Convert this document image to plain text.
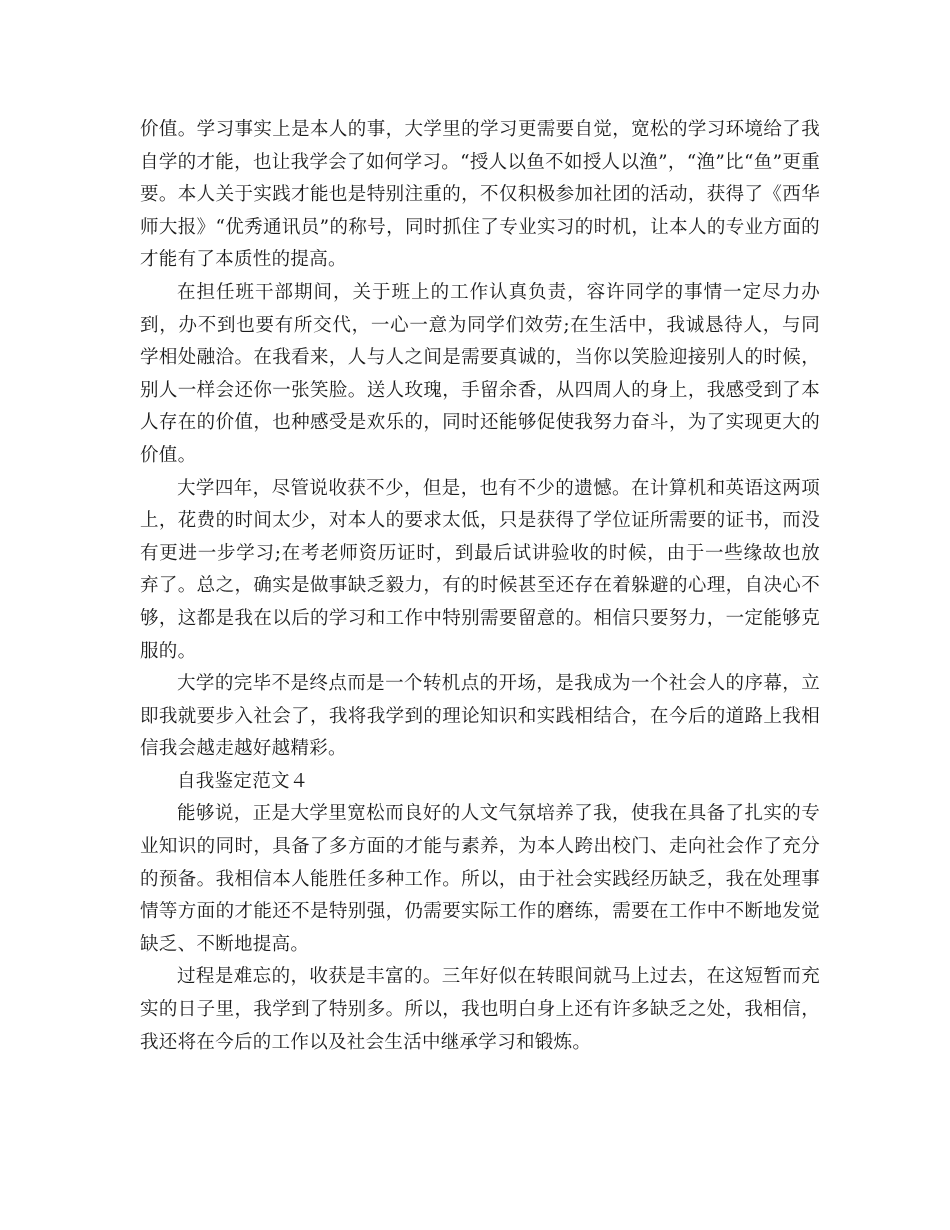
价值。学习事实上是本人的事，大学里的学习更需要自觉，宽松的学习环境给了我自学的才能，也让我学会了如何学习。“授人以鱼不如授人以渔”，“渔”比“鱼”更重要。本人关于实践才能也是特别注重的，不仅积极参加社团的活动，获得了《西华师大报》“优秀通讯员”的称号，同时抓住了专业实习的时机，让本人的专业方面的才能有了本质性的提高。

在担任班干部期间，关于班上的工作认真负责，容许同学的事情一定尽力办到，办不到也要有所交代，一心一意为同学们效劳;在生活中，我诚恳待人，与同学相处融洽。在我看来，人与人之间是需要真诚的，当你以笑脸迎接别人的时候，别人一样会还你一张笑脸。送人玫瑰，手留余香，从四周人的身上，我感受到了本人存在的价值，也种感受是欢乐的，同时还能够促使我努力奋斗，为了实现更大的价值。

大学四年，尽管说收获不少，但是，也有不少的遗憾。在计算机和英语这两项上，花费的时间太少，对本人的要求太低，只是获得了学位证所需要的证书，而没有更进一步学习;在考老师资历证时，到最后试讲验收的时候，由于一些缘故也放弃了。总之，确实是做事缺乏毅力，有的时候甚至还存在着躲避的心理，自决心不够，这都是我在以后的学习和工作中特别需要留意的。相信只要努力，一定能够克服的。

大学的完毕不是终点而是一个转机点的开场，是我成为一个社会人的序幕，立即我就要步入社会了，我将我学到的理论知识和实践相结合，在今后的道路上我相信我会越走越好越精彩。

自我鉴定范文４

能够说，正是大学里宽松而良好的人文气氛培养了我，使我在具备了扎实的专业知识的同时，具备了多方面的才能与素养，为本人跨出校门、走向社会作了充分的预备。我相信本人能胜任多种工作。所以，由于社会实践经历缺乏，我在处理事情等方面的才能还不是特别强，仍需要实际工作的磨练，需要在工作中不断地发觉缺乏、不断地提高。

过程是难忘的，收获是丰富的。三年好似在转眼间就马上过去，在这短暂而充实的日子里，我学到了特别多。所以，我也明白身上还有许多缺乏之处，我相信，我还将在今后的工作以及社会生活中继承学习和锻炼。
